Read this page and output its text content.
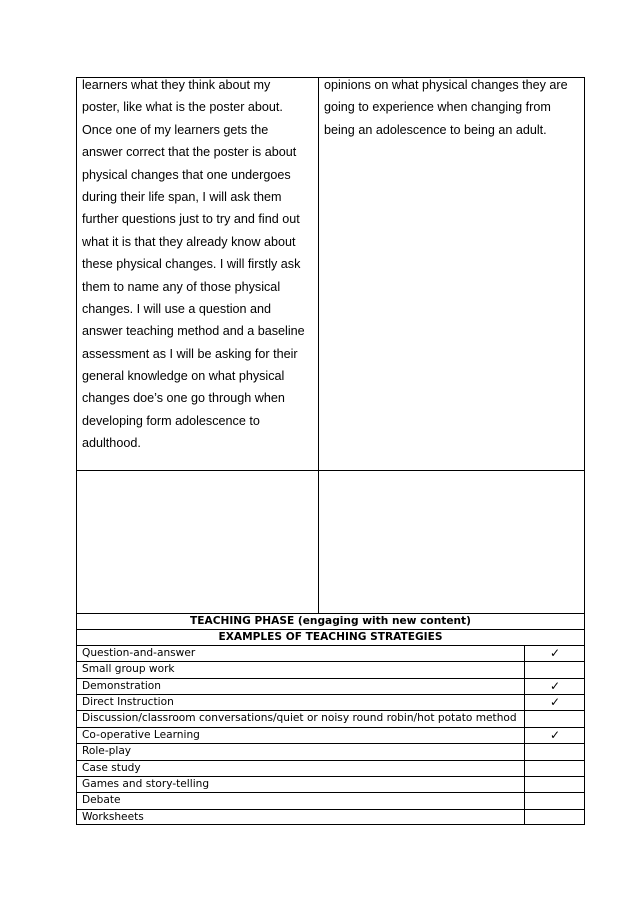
learners what they think about my
poster, like what is the poster about.
Once one of my learners gets the
answer correct that the poster is about
physical changes that one undergoes
during their life span, I will ask them
further questions just to try and find out
what it is that they already know about
these physical changes. I will firstly ask
them to name any of those physical
changes. I will use a question and
answer teaching method and a baseline
assessment as I will be asking for their
general knowledge on what physical
changes doe’s one go through when
developing form adolescence to
adulthood.
opinions on what physical changes they are
going to experience when changing from
being an adolescence to being an adult.
TEACHING PHASE (engaging with new content)
EXAMPLES OF TEACHING STRATEGIES
Question-and-answer	✓
Small group work
Demonstration	✓
Direct Instruction	✓
Discussion/classroom conversations/quiet or noisy round robin/hot potato method
Co-operative Learning	✓
Role-play
Case study
Games and story-telling
Debate
Worksheets
